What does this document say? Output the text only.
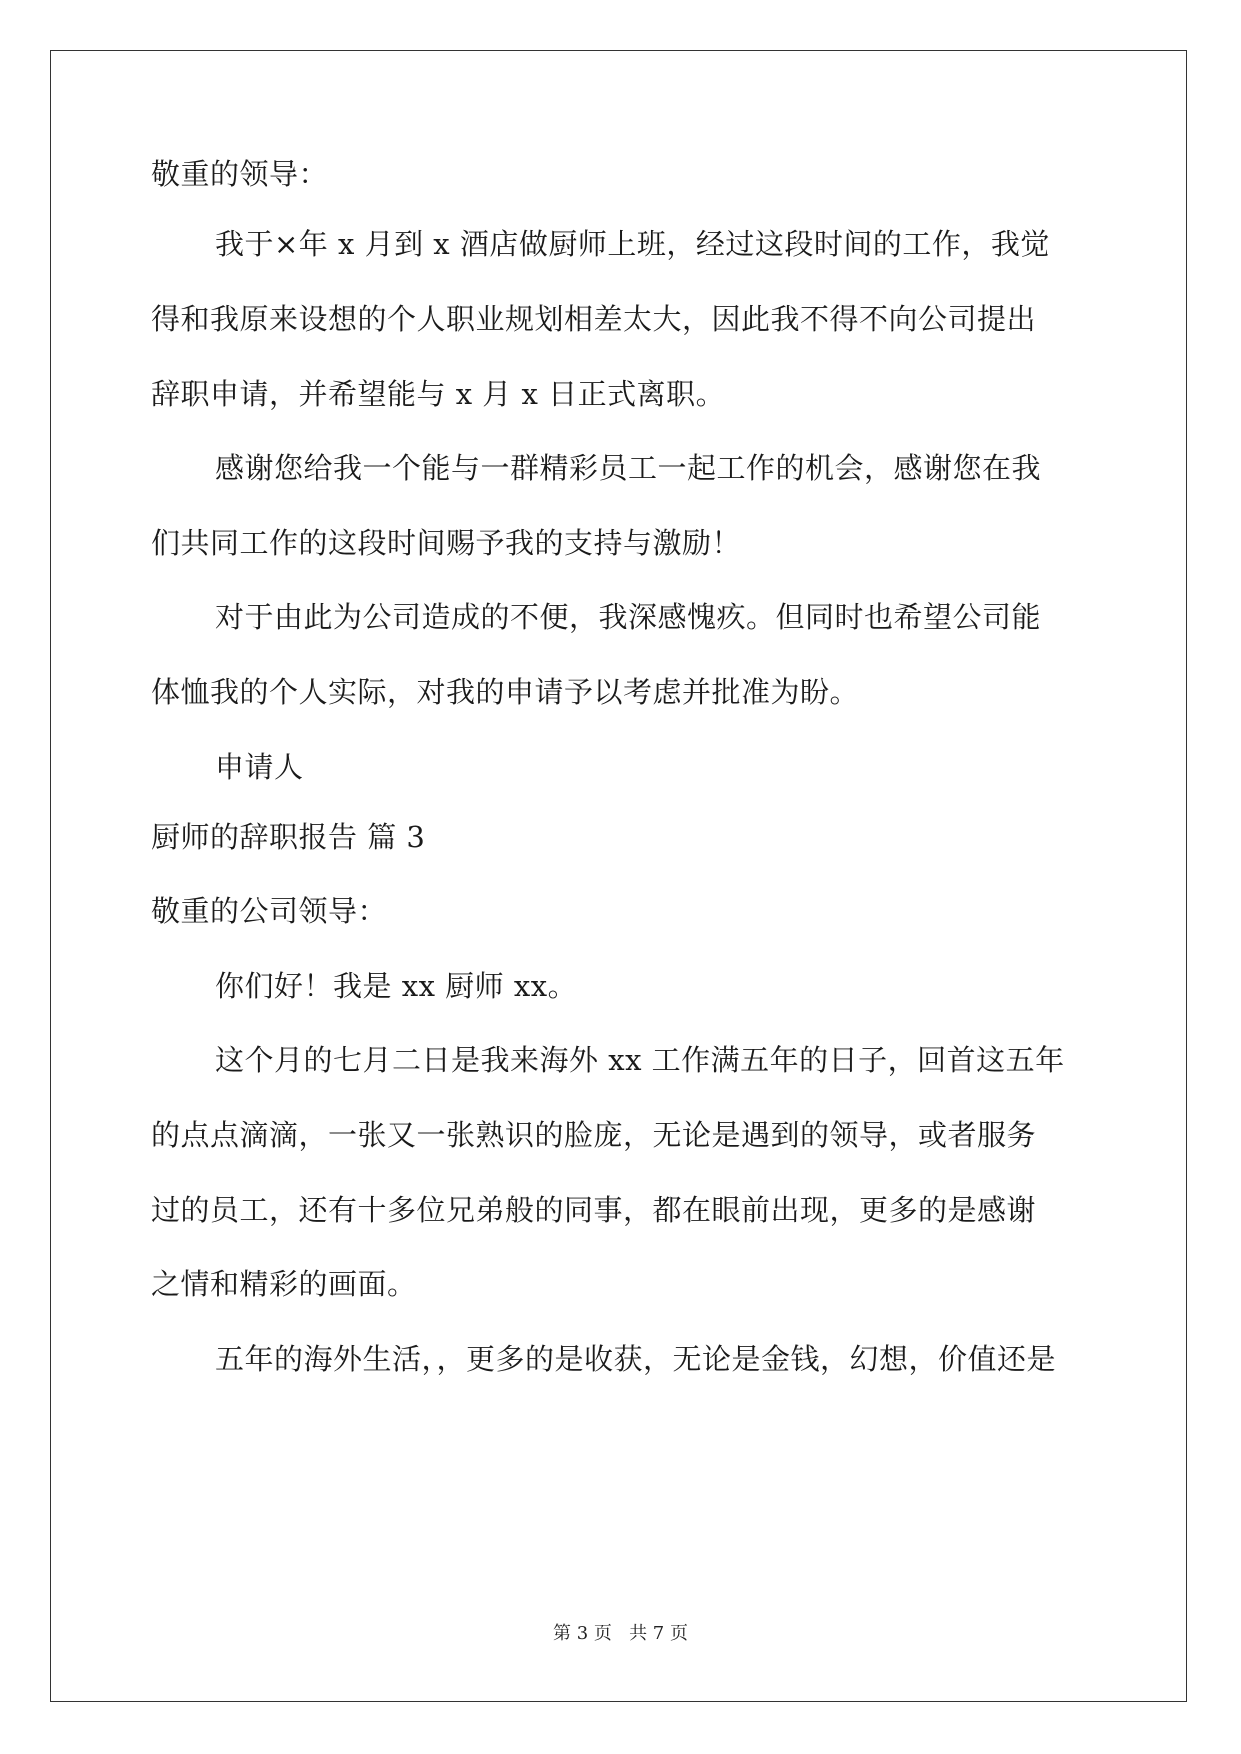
敬重的领导：
我于×年 x 月到 x 酒店做厨师上班，经过这段时间的工作，我觉
得和我原来设想的个人职业规划相差太大，因此我不得不向公司提出
辞职申请，并希望能与 x 月 x 日正式离职。
感谢您给我一个能与一群精彩员工一起工作的机会，感谢您在我
们共同工作的这段时间赐予我的支持与激励！
对于由此为公司造成的不便，我深感愧疚。但同时也希望公司能
体恤我的个人实际，对我的申请予以考虑并批准为盼。
申请人
厨师的辞职报告 篇 3
敬重的公司领导：
你们好！我是 xx 厨师 xx。
这个月的七月二日是我来海外 xx 工作满五年的日子，回首这五年
的点点滴滴，一张又一张熟识的脸庞，无论是遇到的领导，或者服务
过的员工，还有十多位兄弟般的同事，都在眼前出现，更多的是感谢
之情和精彩的画面。
五年的海外生活，，更多的是收获，无论是金钱，幻想，价值还是
第 3 页   共 7 页
